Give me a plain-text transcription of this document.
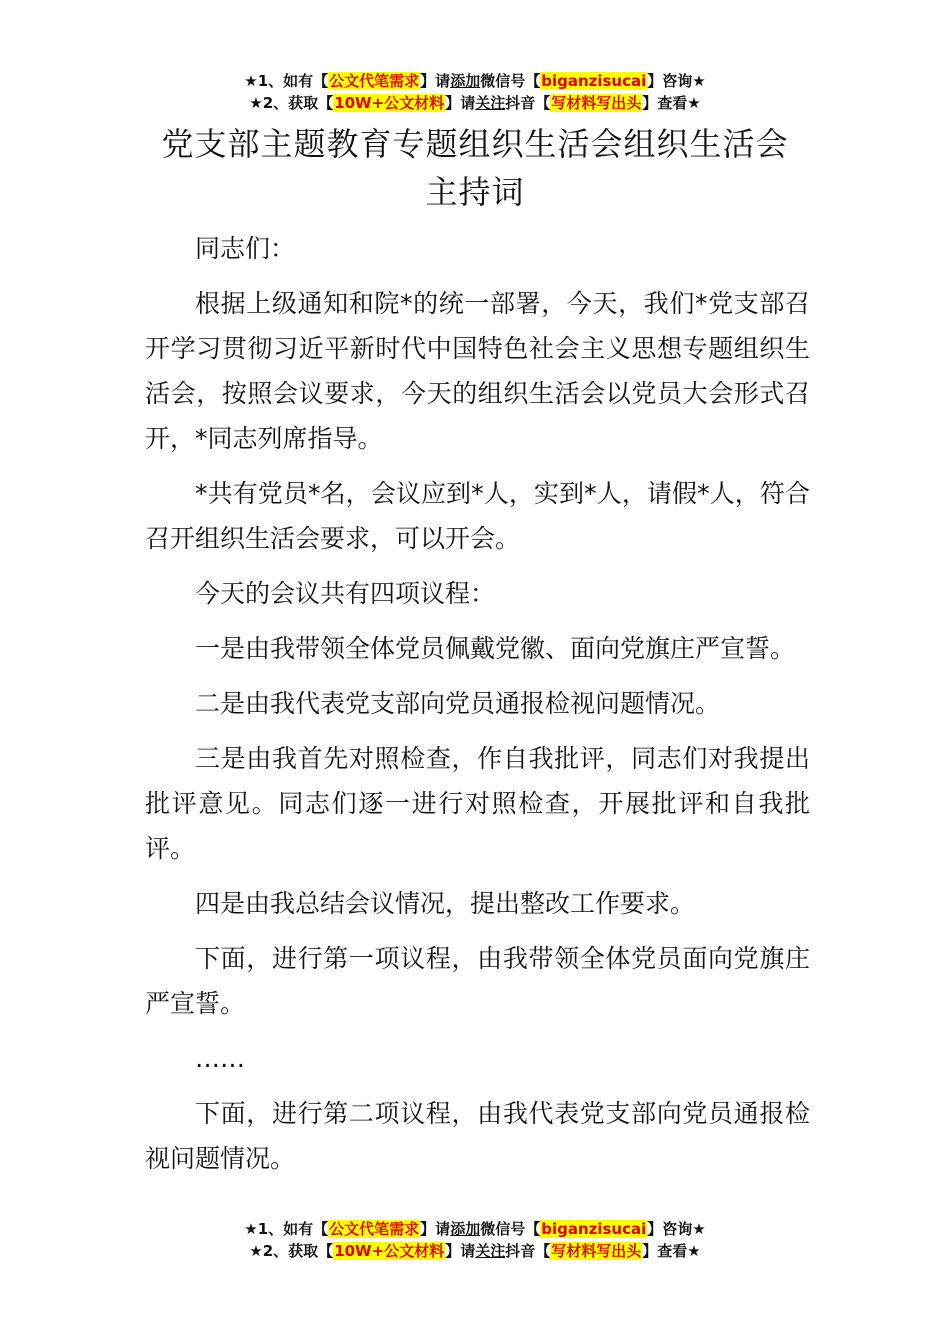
★1、如有【公文代笔需求】请添加微信号【biganzisucai】咨询★
★2、获取【10W+公文材料】请关注抖音【写材料写出头】查看★
党支部主题教育专题组织生活会组织生活会
主持词

同志们：

根据上级通知和院*的统一部署，今天，我们*党支部召开学习贯彻习近平新时代中国特色社会主义思想专题组织生活会，按照会议要求，今天的组织生活会以党员大会形式召开，*同志列席指导。

*共有党员*名，会议应到*人，实到*人，请假*人，符合召开组织生活会要求，可以开会。

今天的会议共有四项议程：

一是由我带领全体党员佩戴党徽、面向党旗庄严宣誓。

二是由我代表党支部向党员通报检视问题情况。

三是由我首先对照检查，作自我批评，同志们对我提出批评意见。同志们逐一进行对照检查，开展批评和自我批评。

四是由我总结会议情况，提出整改工作要求。

下面，进行第一项议程，由我带领全体党员面向党旗庄严宣誓。

……

下面，进行第二项议程，由我代表党支部向党员通报检视问题情况。

★1、如有【公文代笔需求】请添加微信号【biganzisucai】咨询★
★2、获取【10W+公文材料】请关注抖音【写材料写出头】查看★
